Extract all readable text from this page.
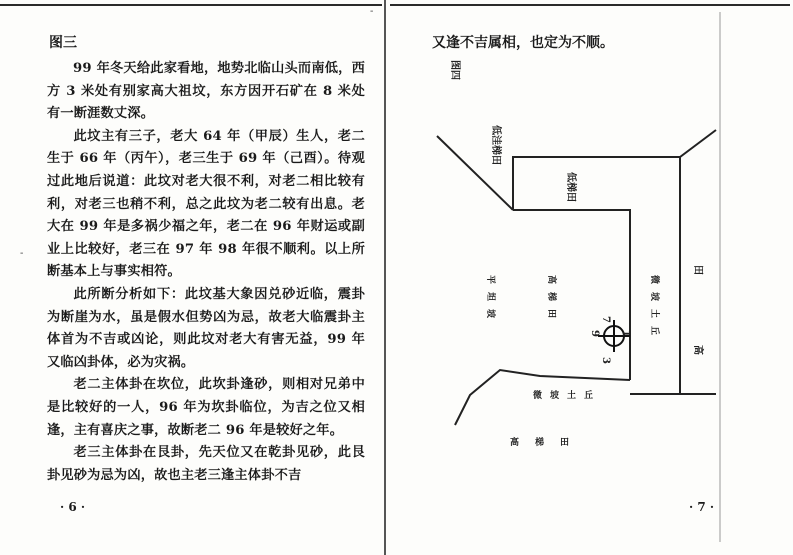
-
-
图三

99 年冬天给此家看地，地势北临山头而南低，西方 3 米处有别家高大祖坟，东方因开石矿在 8 米处有一断涯数丈深。

此坟主有三子，老大 64 年（甲辰）生人，老二生于 66 年（丙午），老三生于 69 年（己酉）。待观过此地后说道：此坟对老大很不利，对老二相比较有利，对老三也稍不利，总之此坟为老二较有出息。老大在 99 年是多祸少福之年，老二在 96 年财运或副业上比较好，老三在 97 年 98 年很不顺利。以上所断基本上与事实相符。

此所断分析如下：此坟基大象因兑砂近临，震卦为断崖为水，虽是假水但势凶为忌，故老大临震卦主体首为不吉或凶论，则此坟对老大有害无益，99 年又临凶卦体，必为灾祸。

老二主体卦在坎位，此坎卦逢砂，则相对兄弟中是比较好的一人，96 年为坎卦临位，为吉之位又相逢，主有喜庆之事，故断老二 96 年是较好之年。

老三主体卦在艮卦，先天位又在乾卦见砂，此艮卦见砂为忌为凶，故也主老三逢主体卦不吉

· 6 ·
又逢不吉属相，也定为不顺。
图四
低洼梯田
低梯田
平坦坡	高梯田
田
微坡土丘
高
微坡土丘
高梯田
7
9
3
1
· 7 ·
